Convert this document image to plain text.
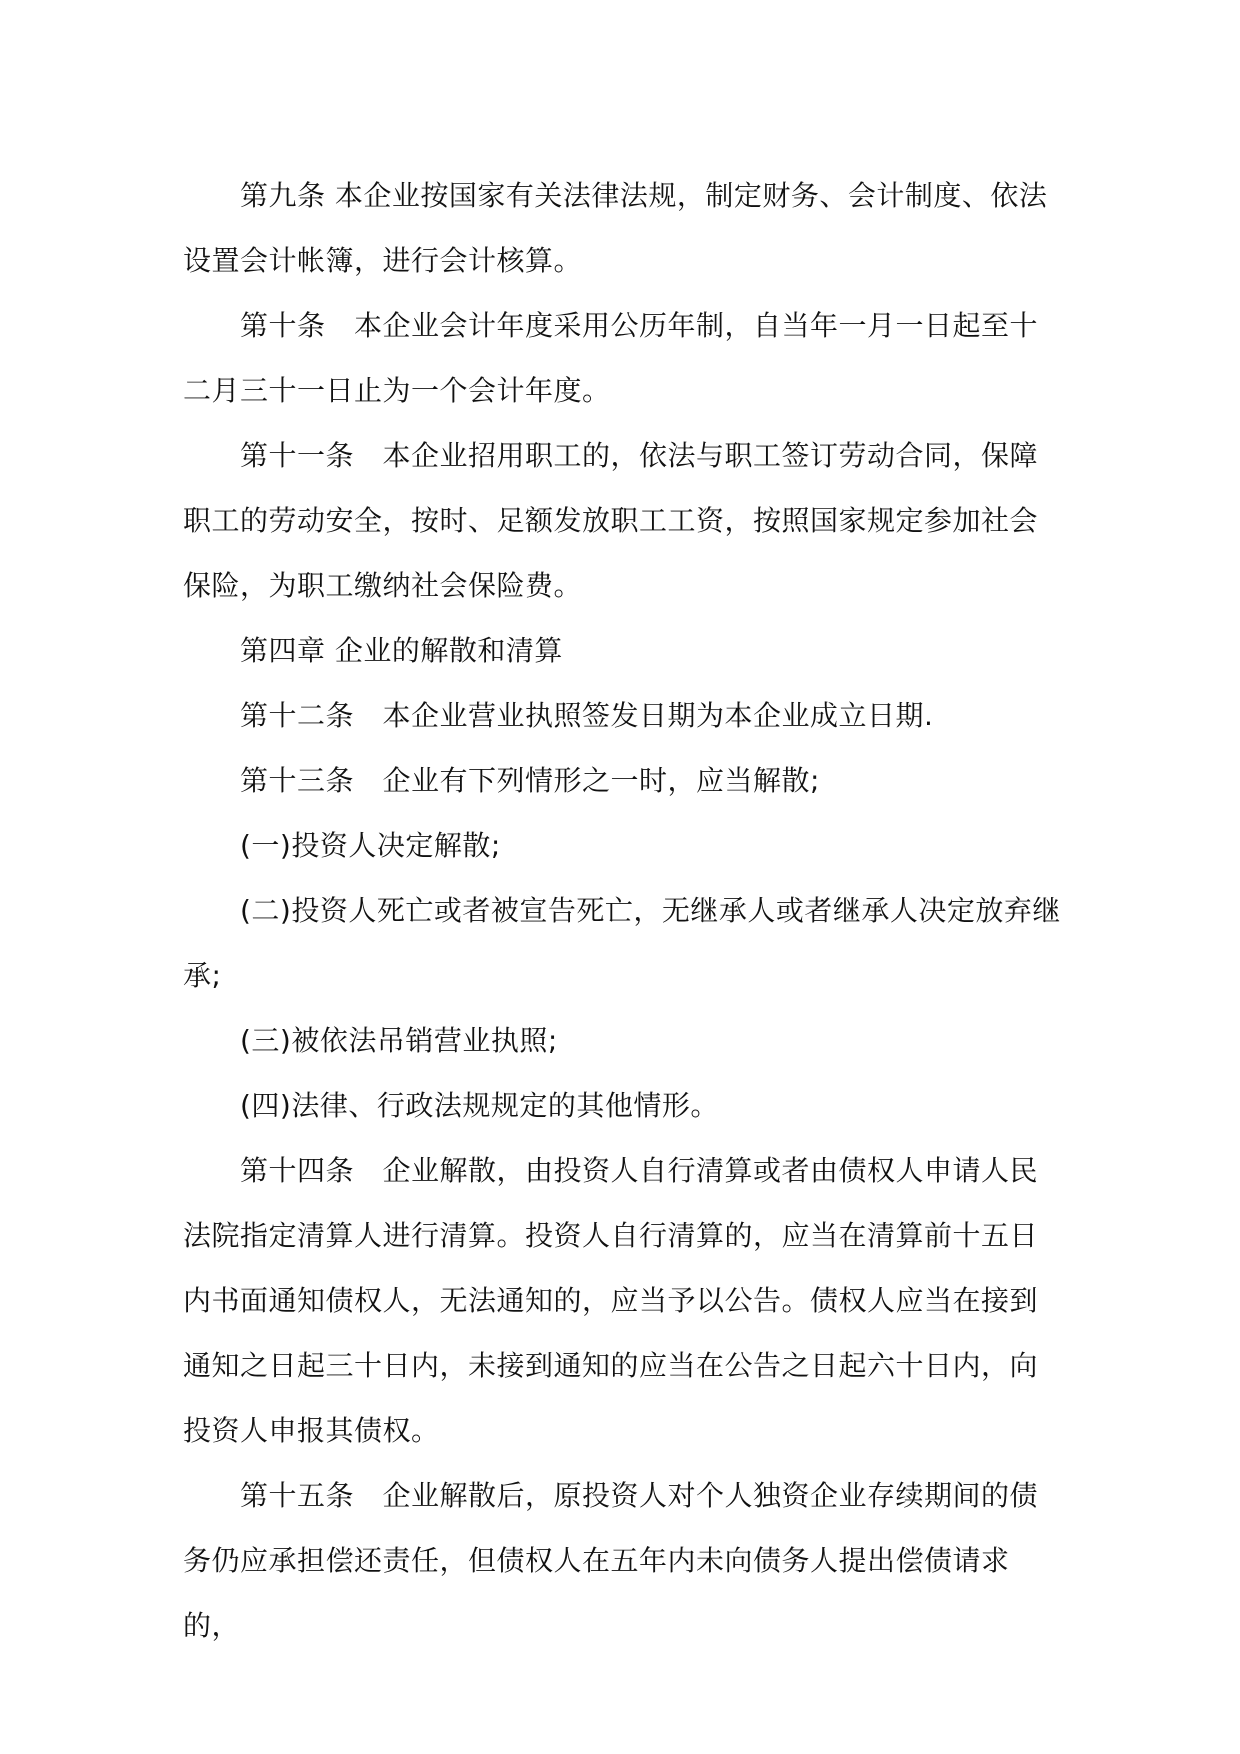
第九条 本企业按国家有关法律法规，制定财务、会计制度、依法设置会计帐簿，进行会计核算。

第十条　本企业会计年度采用公历年制，自当年一月一日起至十二月三十一日止为一个会计年度。

第十一条　本企业招用职工的，依法与职工签订劳动合同，保障职工的劳动安全，按时、足额发放职工工资，按照国家规定参加社会保险，为职工缴纳社会保险费。

第四章 企业的解散和清算

第十二条　本企业营业执照签发日期为本企业成立日期.

第十三条　企业有下列情形之一时，应当解散;

(一)投资人决定解散;

(二)投资人死亡或者被宣告死亡，无继承人或者继承人决定放弃继承;

(三)被依法吊销营业执照;

(四)法律、行政法规规定的其他情形。

第十四条　企业解散，由投资人自行清算或者由债权人申请人民法院指定清算人进行清算。投资人自行清算的，应当在清算前十五日内书面通知债权人，无法通知的，应当予以公告。债权人应当在接到通知之日起三十日内，未接到通知的应当在公告之日起六十日内，向投资人申报其债权。

第十五条　企业解散后，原投资人对个人独资企业存续期间的债务仍应承担偿还责任，但债权人在五年内未向债务人提出偿债请求的，
